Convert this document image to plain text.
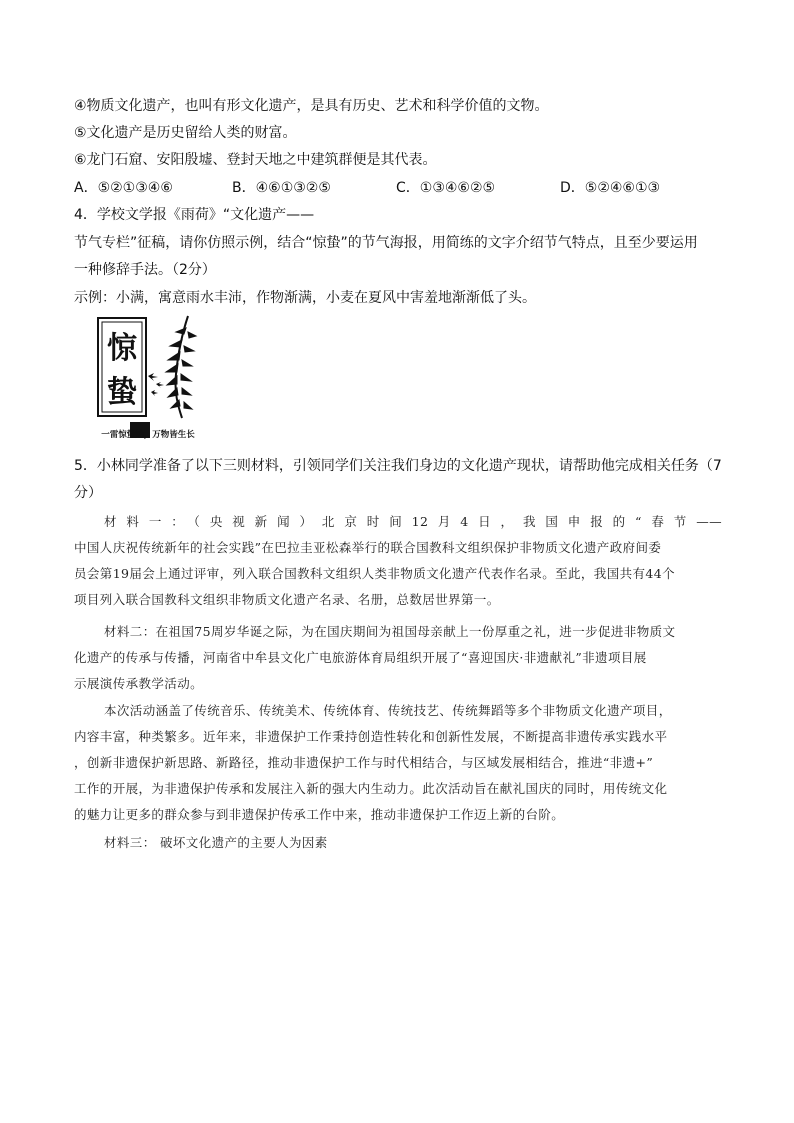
④物质文化遗产，也叫有形文化遗产，是具有历史、艺术和科学价值的文物。
⑤文化遗产是历史留给人类的财富。
⑥龙门石窟、安阳殷墟、登封天地之中建筑群便是其代表。
A．⑤②①③④⑥	B．④⑥①③②⑤	C．①③④⑥②⑤	D．⑤②④⑥①③
4．学校文学报《雨荷》“文化遗产——
节气专栏”征稿，请你仿照示例，结合“惊蛰”的节气海报，用简练的文字介绍节气特点，且至少要运用
一种修辞手法。（2分）
示例：小满，寓意雨水丰沛，作物渐满，小麦在夏风中害羞地渐渐低了头。
惊
蛰
一雷惊蛰始，万物皆生长
5．小林同学准备了以下三则材料，引领同学们关注我们身边的文化遗产现状，请帮助他完成相关任务（7
分）

材料一：（央视新闻）北京时间12月4日，我国申报的“春节——

中国人庆祝传统新年的社会实践”在巴拉圭亚松森举行的联合国教科文组织保护非物质文化遗产政府间委

员会第19届会上通过评审，列入联合国教科文组织人类非物质文化遗产代表作名录。至此，我国共有44个

项目列入联合国教科文组织非物质文化遗产名录、名册，总数居世界第一。

材料二：在祖国75周岁华诞之际，为在国庆期间为祖国母亲献上一份厚重之礼，进一步促进非物质文

化遗产的传承与传播，河南省中牟县文化广电旅游体育局组织开展了“喜迎国庆·非遗献礼”非遗项目展

示展演传承教学活动。

本次活动涵盖了传统音乐、传统美术、传统体育、传统技艺、传统舞蹈等多个非物质文化遗产项目，

内容丰富，种类繁多。近年来，非遗保护工作秉持创造性转化和创新性发展，不断提高非遗传承实践水平

，创新非遗保护新思路、新路径，推动非遗保护工作与时代相结合，与区域发展相结合，推进“非遗+”

工作的开展，为非遗保护传承和发展注入新的强大内生动力。此次活动旨在献礼国庆的同时，用传统文化

的魅力让更多的群众参与到非遗保护传承工作中来，推动非遗保护工作迈上新的台阶。

材料三： 破坏文化遗产的主要人为因素
